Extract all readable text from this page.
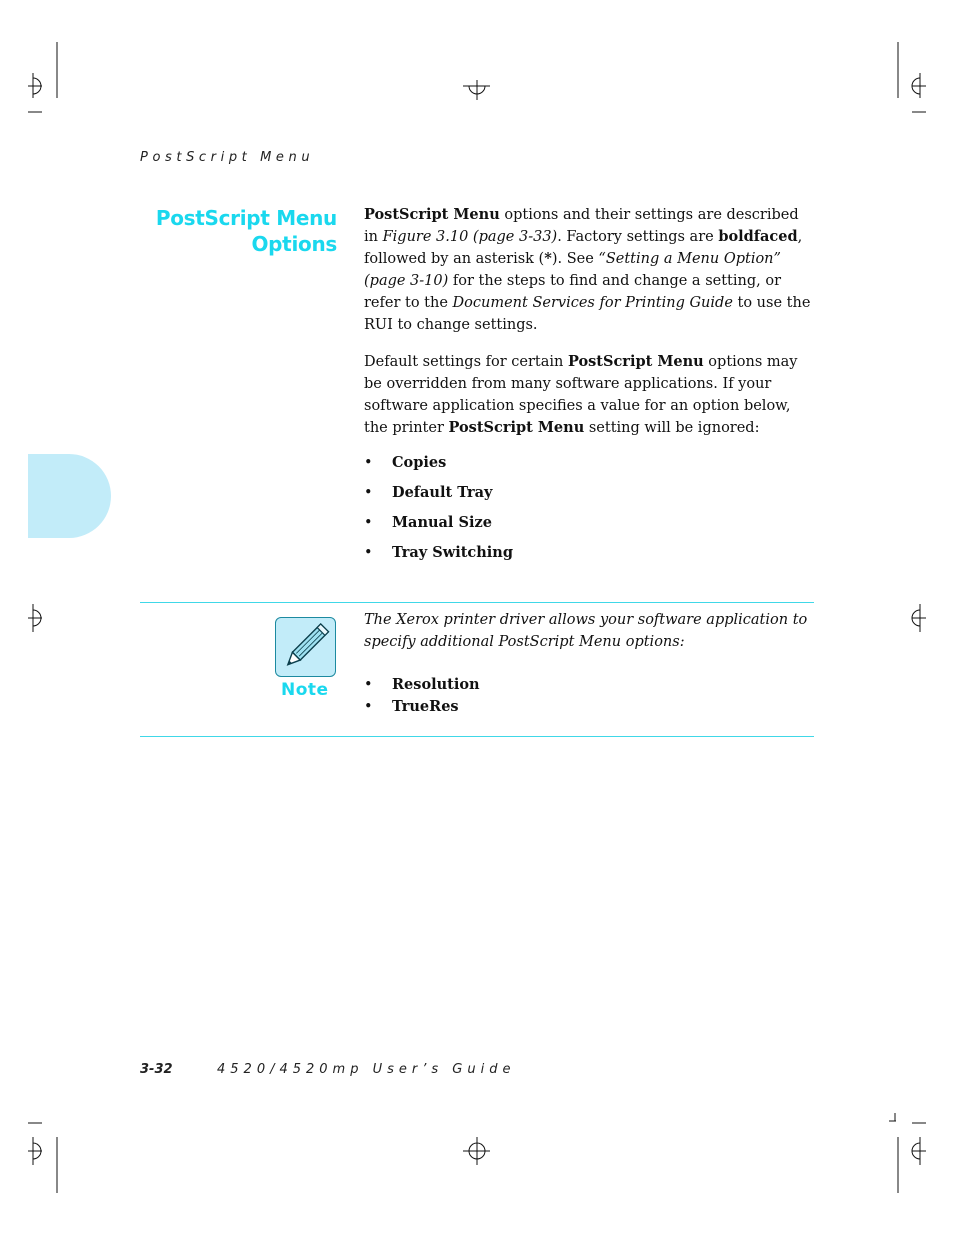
PostScript Menu
PostScript Menu
Options

PostScript Menu options and their settings are described in Figure 3.10 (page 3-33). Factory settings are boldfaced, followed by an asterisk (*). See “Setting a Menu Option” (page 3-10) for the steps to find and change a setting, or refer to the Document Services for Printing Guide to use the RUI to change settings.

Default settings for certain PostScript Menu options may be overridden from many software applications. If your software application specifies a value for an option below, the printer PostScript Menu setting will be ignored:

• Copies
• Default Tray
• Manual Size
• Tray Switching
Note
The Xerox printer driver allows your software application to specify additional PostScript Menu options:
• Resolution
• TrueRes
3-32	4520/4520mp User’s Guide
